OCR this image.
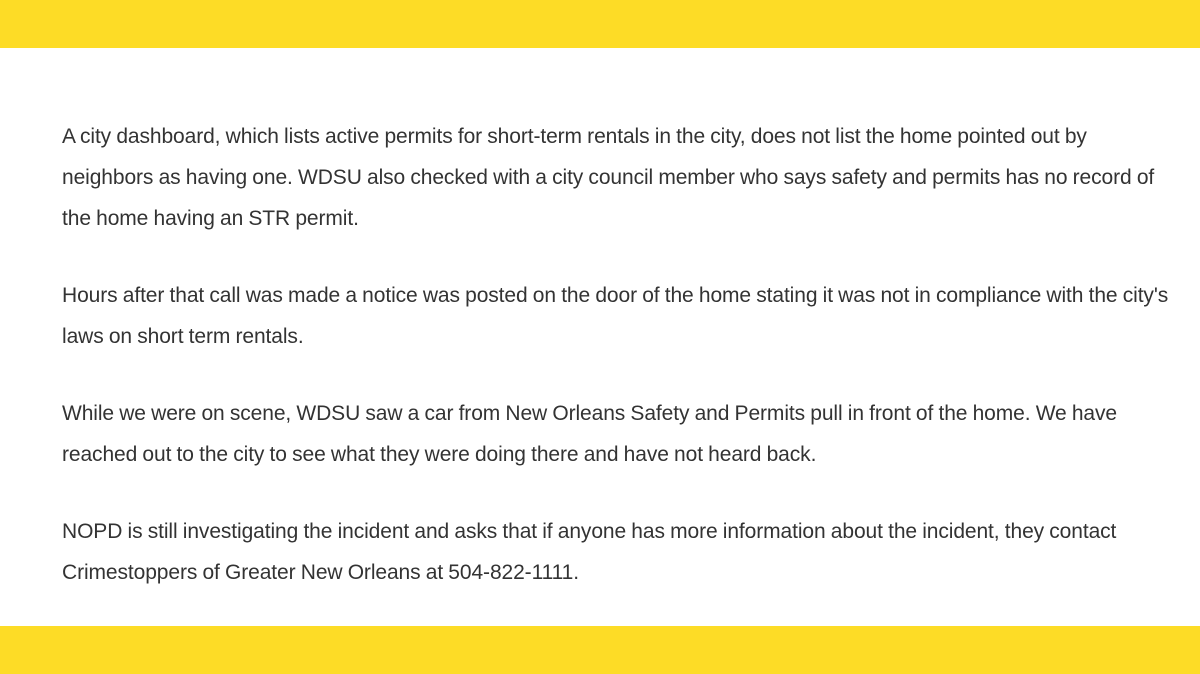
A city dashboard, which lists active permits for short-term rentals in the city, does not list the home pointed out by neighbors as having one. WDSU also checked with a city council member who says safety and permits has no record of the home having an STR permit.

Hours after that call was made a notice was posted on the door of the home stating it was not in compliance with the city's laws on short term rentals.

While we were on scene, WDSU saw a car from New Orleans Safety and Permits pull in front of the home. We have reached out to the city to see what they were doing there and have not heard back.

NOPD is still investigating the incident and asks that if anyone has more information about the incident, they contact Crimestoppers of Greater New Orleans at 504-822-1111.
